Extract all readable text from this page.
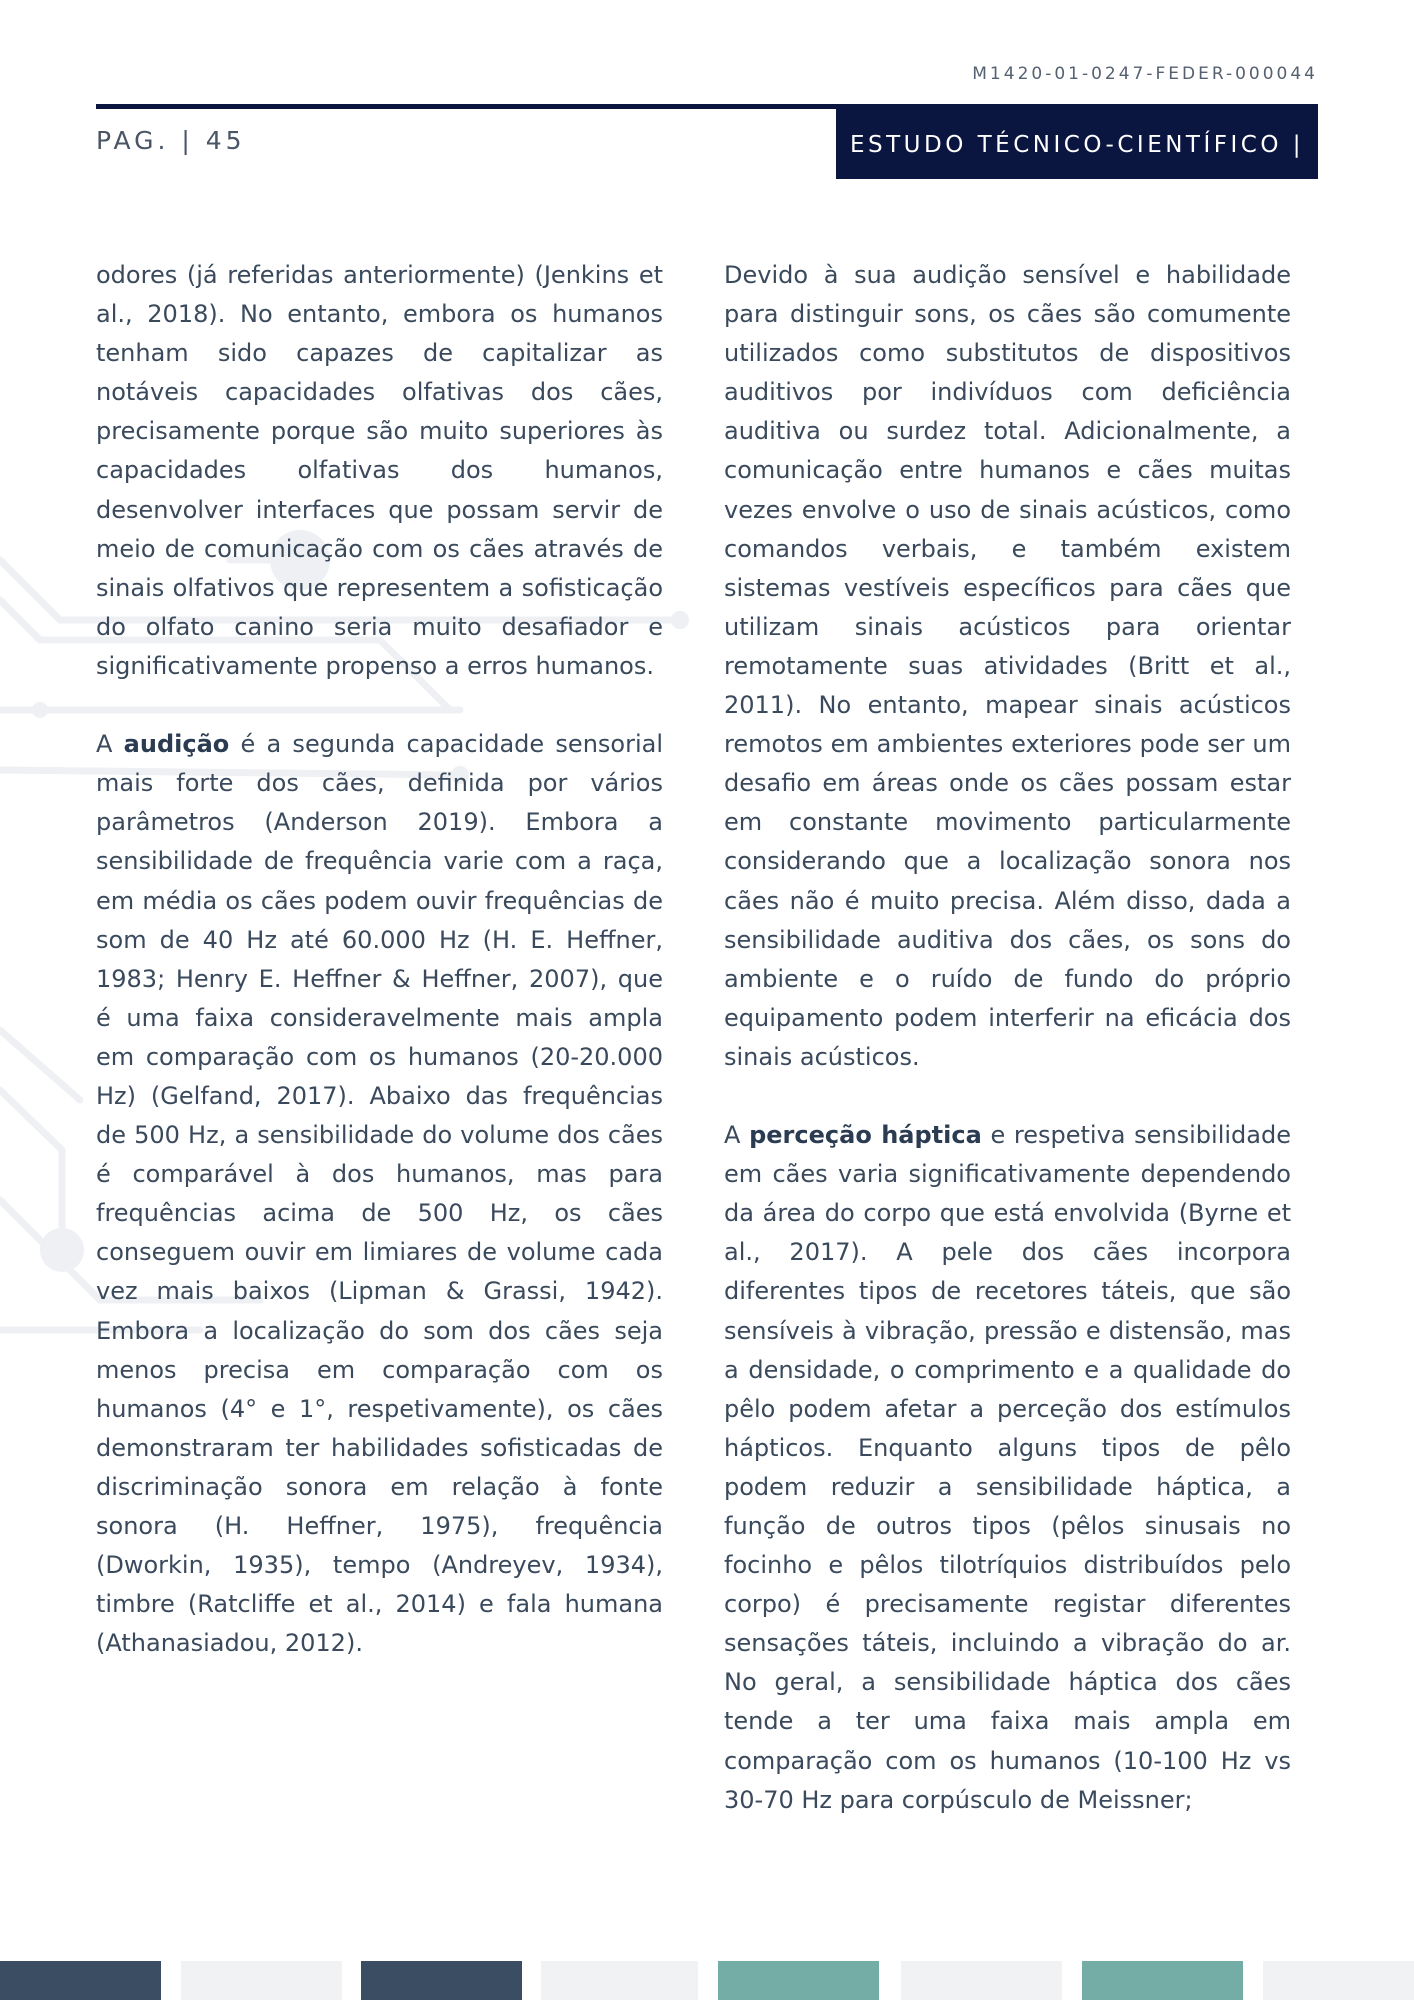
M1420-01-0247-FEDER-000044
PAG. | 45	ESTUDO TÉCNICO-CIENTÍFICO |

odores (já referidas anteriormente) (Jenkins et al., 2018). No entanto, embora os humanos tenham sido capazes de capitalizar as notáveis capacidades olfativas dos cães, precisamente porque são muito superiores às capacidades olfativas dos humanos, desenvolver interfaces que possam servir de meio de comunicação com os cães através de sinais olfativos que representem a sofisticação do olfato canino seria muito desafiador e significativamente propenso a erros humanos.

A audição é a segunda capacidade sensorial mais forte dos cães, definida por vários parâmetros (Anderson 2019). Embora a sensibilidade de frequência varie com a raça, em média os cães podem ouvir frequências de som de 40 Hz até 60.000 Hz (H. E. Heffner, 1983; Henry E. Heffner & Heffner, 2007), que é uma faixa consideravelmente mais ampla em comparação com os humanos (20-20.000 Hz) (Gelfand, 2017). Abaixo das frequências de 500 Hz, a sensibilidade do volume dos cães é comparável à dos humanos, mas para frequências acima de 500 Hz, os cães conseguem ouvir em limiares de volume cada vez mais baixos (Lipman & Grassi, 1942). Embora a localização do som dos cães seja menos precisa em comparação com os humanos (4° e 1°, respetivamente), os cães demonstraram ter habilidades sofisticadas de discriminação sonora em relação à fonte sonora (H. Heffner, 1975), frequência (Dworkin, 1935), tempo (Andreyev, 1934), timbre (Ratcliffe et al., 2014) e fala humana (Athanasiadou, 2012).

Devido à sua audição sensível e habilidade para distinguir sons, os cães são comumente utilizados como substitutos de dispositivos auditivos por indivíduos com deficiência auditiva ou surdez total. Adicionalmente, a comunicação entre humanos e cães muitas vezes envolve o uso de sinais acústicos, como comandos verbais, e também existem sistemas vestíveis específicos para cães que utilizam sinais acústicos para orientar remotamente suas atividades (Britt et al., 2011). No entanto, mapear sinais acústicos remotos em ambientes exteriores pode ser um desafio em áreas onde os cães possam estar em constante movimento particularmente considerando que a localização sonora nos cães não é muito precisa. Além disso, dada a sensibilidade auditiva dos cães, os sons do ambiente e o ruído de fundo do próprio equipamento podem interferir na eficácia dos sinais acústicos.

A perceção háptica e respetiva sensibilidade em cães varia significativamente dependendo da área do corpo que está envolvida (Byrne et al., 2017). A pele dos cães incorpora diferentes tipos de recetores táteis, que são sensíveis à vibração, pressão e distensão, mas a densidade, o comprimento e a qualidade do pêlo podem afetar a perceção dos estímulos hápticos. Enquanto alguns tipos de pêlo podem reduzir a sensibilidade háptica, a função de outros tipos (pêlos sinusais no focinho e pêlos tilotríquios distribuídos pelo corpo) é precisamente registar diferentes sensações táteis, incluindo a vibração do ar. No geral, a sensibilidade háptica dos cães tende a ter uma faixa mais ampla em comparação com os humanos (10-100 Hz vs 30-70 Hz para corpúsculo de Meissner;
